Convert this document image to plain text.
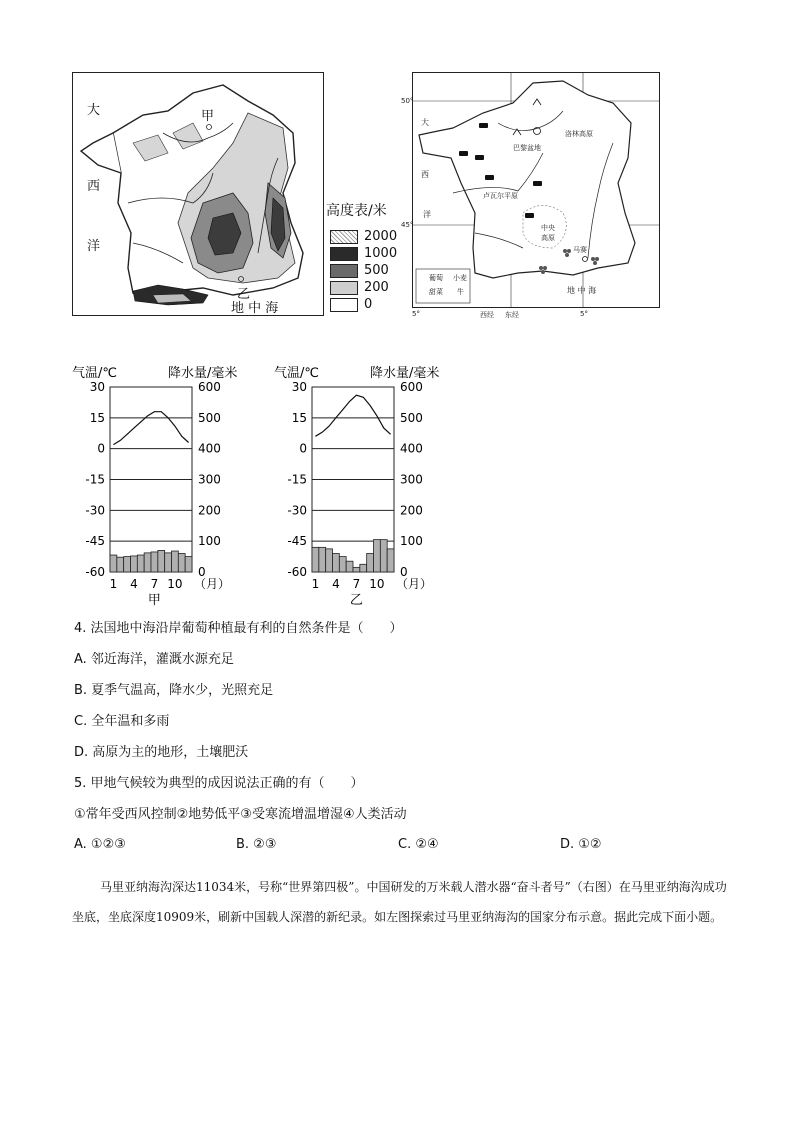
大
西
洋
甲
乙
地 中 海
高度表/米
2000
1000
500
200
0
50°
45°
大
西
洋
巴黎盆地
洛林高原
卢瓦尔平原
中央
高原
马赛
地 中 海
葡萄 小麦
甜菜 牛
5°	西经 东经	5°
气温/℃	降水量/毫米
30	600
15	500
0	400
-15	300
-30	200
-45	100
-60	0
1 4 7 10 （月）
甲
气温/℃	降水量/毫米
30	600
15	500
0	400
-15	300
-30	200
-45	100
-60	0
1 4 7 10 （月）
乙
4. 法国地中海沿岸葡萄种植最有利的自然条件是（　　）
A. 邻近海洋，灌溉水源充足
B. 夏季气温高，降水少，光照充足
C. 全年温和多雨
D. 高原为主的地形，土壤肥沃
5. 甲地气候较为典型的成因说法正确的有（　　）
①常年受西风控制②地势低平③受寒流增温增湿④人类活动
A. ①②③	B. ②③	C. ②④	D. ①②
马里亚纳海沟深达11034米，号称“世界第四极”。中国研发的万米载人潜水器“奋斗者号”（右图）在马里亚纳海沟成功坐底，坐底深度10909米，刷新中国载人深潜的新纪录。如左图探索过马里亚纳海沟的国家分布示意。据此完成下面小题。
